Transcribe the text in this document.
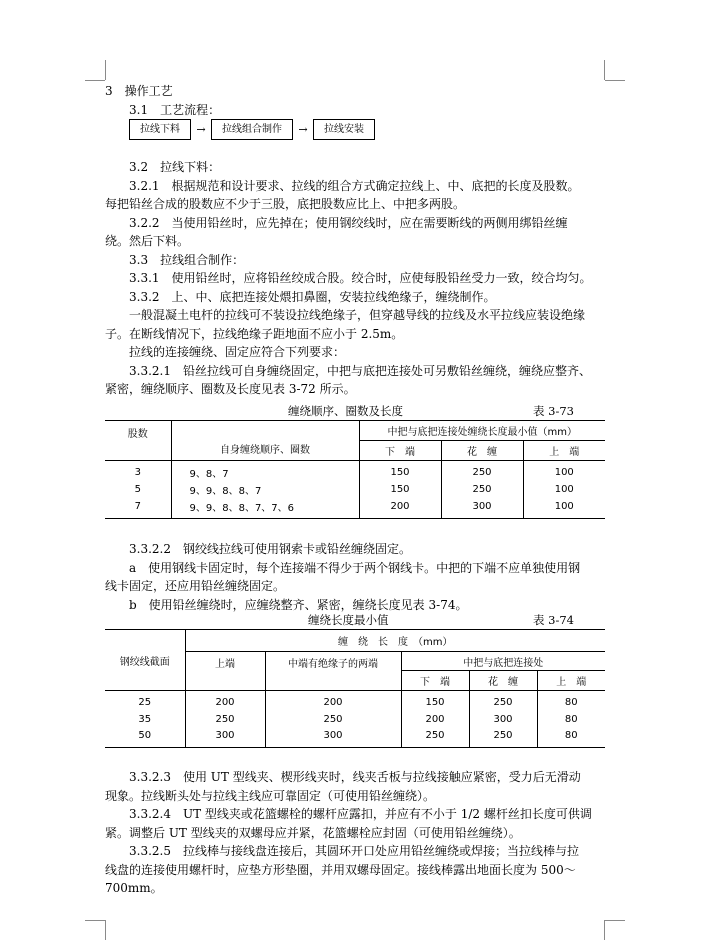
3　操作工艺
3.1　工艺流程：
拉线下料	→	拉线组合制作	→	拉线安装
3.2　拉线下料：
3.2.1　根据规范和设计要求、拉线的组合方式确定拉线上、中、底把的长度及股数。
每把铅丝合成的股数应不少于三股，底把股数应比上、中把多两股。
3.2.2　当使用铅丝时，应先掉在；使用钢绞线时，应在需要断线的两侧用绑铅丝缠
绕。然后下料。
3.3　拉线组合制作：
3.3.1　使用铅丝时，应将铅丝绞成合股。绞合时，应使每股铅丝受力一致，绞合均匀。
3.3.2　上、中、底把连接处煨扣鼻圈，安装拉线绝缘子，缠绕制作。
一般混凝土电杆的拉线可不装设拉线绝缘子，但穿越导线的拉线及水平拉线应装设绝缘
子。在断线情况下，拉线绝缘子距地面不应小于 2.5m。
拉线的连接缠绕、固定应符合下列要求：
3.3.2.1　铅丝拉线可自身缠绕固定，中把与底把连接处可另敷铅丝缠绕，缠绕应整齐、
紧密，缠绕顺序、圈数及长度见表 3-72 所示。
缠绕顺序、圈数及长度	表 3-73
股数	自身缠绕顺序、圈数	中把与底把连接处缠绕长度最小值（mm）		
		下　端	花　缠	上　端
3	9、8、7	150	250	100
5	9、9、8、8、7	150	250	100
7	9、9、8、8、7、7、6	200	300	100
3.3.2.2　钢绞线拉线可使用钢索卡或铅丝缠绕固定。
a　使用钢线卡固定时，每个连接端不得少于两个钢线卡。中把的下端不应单独使用钢
线卡固定，还应用铅丝缠绕固定。
b　使用铅丝缠绕时，应缠绕整齐、紧密，缠绕长度见表 3-74。
缠绕长度最小值	表 3-74
钢绞线截面	缠　绕　长　度　（mm）				
	上端	中端有绝缘子的两端	中把与底把连接处		
			下　端	花　缠	上　端
25	200	200	150	250	80
35	250	250	200	300	80
50	300	300	250	250	80
3.3.2.3　使用 UT 型线夹、楔形线夹时，线夹舌板与拉线接触应紧密，受力后无滑动
现象。拉线断头处与拉线主线应可靠固定（可使用铅丝缠绕）。
3.3.2.4　UT 型线夹或花篮螺栓的螺杆应露扣，并应有不小于 1/2 螺杆丝扣长度可供调
紧。调整后 UT 型线夹的双螺母应并紧，花篮螺栓应封固（可使用铅丝缠绕）。
3.3.2.5　拉线棒与接线盘连接后，其圆环开口处应用铅丝缠绕或焊接；当拉线棒与拉
线盘的连接使用螺杆时，应垫方形垫圈，并用双螺母固定。接线棒露出地面长度为 500～
700mm。
